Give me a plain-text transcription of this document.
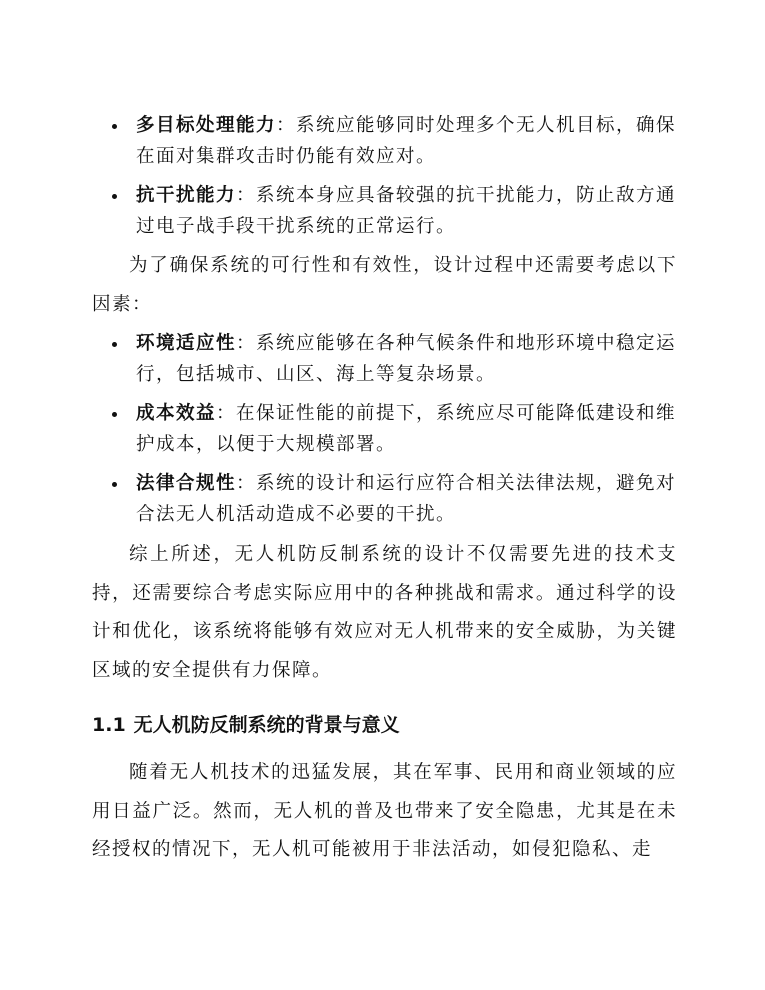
多目标处理能力：系统应能够同时处理多个无人机目标，确保在面对集群攻击时仍能有效应对。
抗干扰能力：系统本身应具备较强的抗干扰能力，防止敌方通过电子战手段干扰系统的正常运行。

为了确保系统的可行性和有效性，设计过程中还需要考虑以下因素：

环境适应性：系统应能够在各种气候条件和地形环境中稳定运行，包括城市、山区、海上等复杂场景。
成本效益：在保证性能的前提下，系统应尽可能降低建设和维护成本，以便于大规模部署。
法律合规性：系统的设计和运行应符合相关法律法规，避免对合法无人机活动造成不必要的干扰。

综上所述，无人机防反制系统的设计不仅需要先进的技术支持，还需要综合考虑实际应用中的各种挑战和需求。通过科学的设计和优化，该系统将能够有效应对无人机带来的安全威胁，为关键区域的安全提供有力保障。

1.1 无人机防反制系统的背景与意义

随着无人机技术的迅猛发展，其在军事、民用和商业领域的应用日益广泛。然而，无人机的普及也带来了安全隐患，尤其是在未经授权的情况下，无人机可能被用于非法活动，如侵犯隐私、走
